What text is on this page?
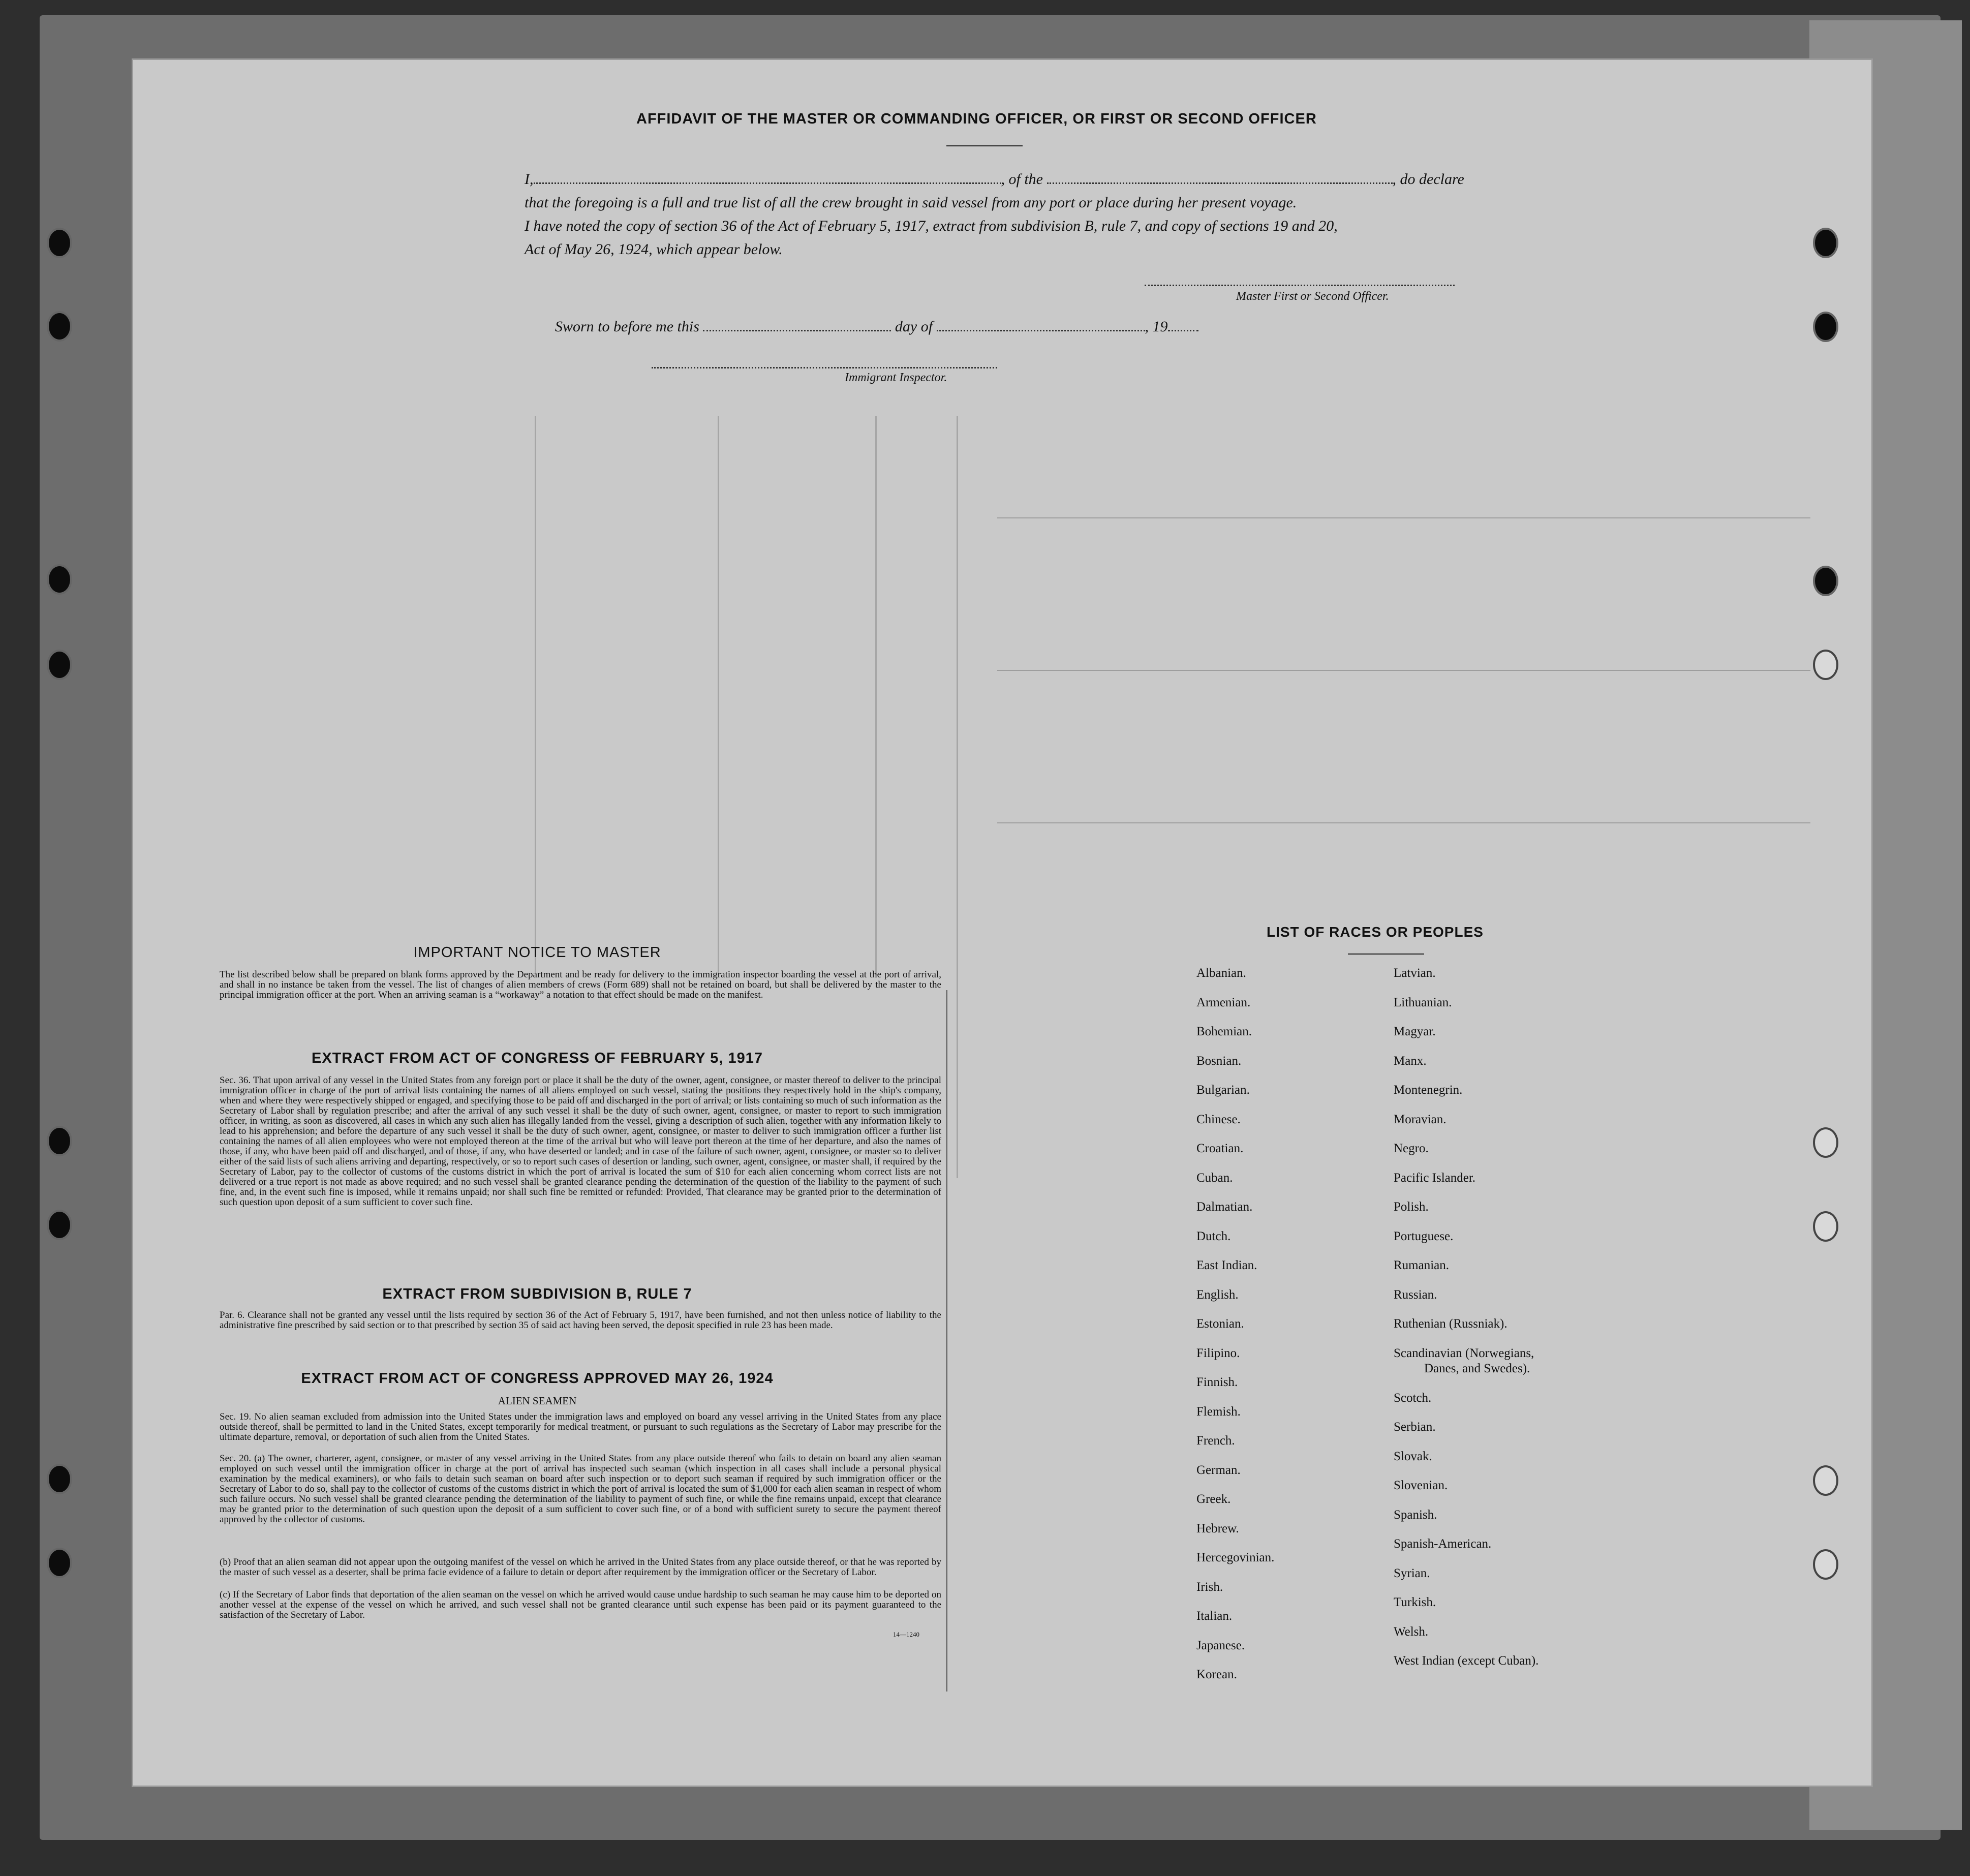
AFFIDAVIT OF THE MASTER OR COMMANDING OFFICER, OR FIRST OR SECOND OFFICER
I,	, of the	, do declare
that the foregoing is a full and true list of all the crew brought in said vessel from any port or place during her present voyage.
I have noted the copy of section 36 of the Act of February 5, 1917, extract from subdivision B, rule 7, and copy of sections 19 and 20,
Act of May 26, 1924, which appear below.
Master First or Second Officer.
Sworn to before me this	day of	, 19
Immigrant Inspector.
IMPORTANT NOTICE TO MASTER
The list described below shall be prepared on blank forms approved by the Department and be ready for delivery to the immigration inspector boarding the vessel at the port of arrival, and shall in no instance be taken from the vessel. The list of changes of alien members of crews (Form 689) shall not be retained on board, but shall be delivered by the master to the principal immigration officer at the port. When an arriving seaman is a “workaway” a notation to that effect should be made on the manifest.
EXTRACT FROM ACT OF CONGRESS OF FEBRUARY 5, 1917
Sec. 36. That upon arrival of any vessel in the United States from any foreign port or place it shall be the duty of the owner, agent, consignee, or master thereof to deliver to the principal immigration officer in charge of the port of arrival lists containing the names of all aliens employed on such vessel, stating the positions they respectively hold in the ship's company, when and where they were respectively shipped or engaged, and specifying those to be paid off and discharged in the port of arrival; or lists containing so much of such information as the Secretary of Labor shall by regulation prescribe; and after the arrival of any such vessel it shall be the duty of such owner, agent, consignee, or master to report to such immigration officer, in writing, as soon as discovered, all cases in which any such alien has illegally landed from the vessel, giving a description of such alien, together with any information likely to lead to his apprehension; and before the departure of any such vessel it shall be the duty of such owner, agent, consignee, or master to deliver to such immigration officer a further list containing the names of all alien employees who were not employed thereon at the time of the arrival but who will leave port thereon at the time of her departure, and also the names of those, if any, who have been paid off and discharged, and of those, if any, who have deserted or landed; and in case of the failure of such owner, agent, consignee, or master so to deliver either of the said lists of such aliens arriving and departing, respectively, or so to report such cases of desertion or landing, such owner, agent, consignee, or master shall, if required by the Secretary of Labor, pay to the collector of customs of the customs district in which the port of arrival is located the sum of $10 for each alien concerning whom correct lists are not delivered or a true report is not made as above required; and no such vessel shall be granted clearance pending the determination of the question of the liability to the payment of such fine, and, in the event such fine is imposed, while it remains unpaid; nor shall such fine be remitted or refunded: Provided, That clearance may be granted prior to the determination of such question upon deposit of a sum sufficient to cover such fine.
EXTRACT FROM SUBDIVISION B, RULE 7
Par. 6. Clearance shall not be granted any vessel until the lists required by section 36 of the Act of February 5, 1917, have been furnished, and not then unless notice of liability to the administrative fine prescribed by said section or to that prescribed by section 35 of said act having been served, the deposit specified in rule 23 has been made.
EXTRACT FROM ACT OF CONGRESS APPROVED MAY 26, 1924
ALIEN SEAMEN
Sec. 19. No alien seaman excluded from admission into the United States under the immigration laws and employed on board any vessel arriving in the United States from any place outside thereof, shall be permitted to land in the United States, except temporarily for medical treatment, or pursuant to such regulations as the Secretary of Labor may prescribe for the ultimate departure, removal, or deportation of such alien from the United States.
Sec. 20. (a) The owner, charterer, agent, consignee, or master of any vessel arriving in the United States from any place outside thereof who fails to detain on board any alien seaman employed on such vessel until the immigration officer in charge at the port of arrival has inspected such seaman (which inspection in all cases shall include a personal physical examination by the medical examiners), or who fails to detain such seaman on board after such inspection or to deport such seaman if required by such immigration officer or the Secretary of Labor to do so, shall pay to the collector of customs of the customs district in which the port of arrival is located the sum of $1,000 for each alien seaman in respect of whom such failure occurs. No such vessel shall be granted clearance pending the determination of the liability to payment of such fine, or while the fine remains unpaid, except that clearance may be granted prior to the determination of such question upon the deposit of a sum sufficient to cover such fine, or of a bond with sufficient surety to secure the payment thereof approved by the collector of customs.
(b) Proof that an alien seaman did not appear upon the outgoing manifest of the vessel on which he arrived in the United States from any place outside thereof, or that he was reported by the master of such vessel as a deserter, shall be prima facie evidence of a failure to detain or deport after requirement by the immigration officer or the Secretary of Labor.
(c) If the Secretary of Labor finds that deportation of the alien seaman on the vessel on which he arrived would cause undue hardship to such seaman he may cause him to be deported on another vessel at the expense of the vessel on which he arrived, and such vessel shall not be granted clearance until such expense has been paid or its payment guaranteed to the satisfaction of the Secretary of Labor.
14—1240
LIST OF RACES OR PEOPLES
Albanian.
Armenian.
Bohemian.
Bosnian.
Bulgarian.
Chinese.
Croatian.
Cuban.
Dalmatian.
Dutch.
East Indian.
English.
Estonian.
Filipino.
Finnish.
Flemish.
French.
German.
Greek.
Hebrew.
Hercegovinian.
Irish.
Italian.
Japanese.
Korean.
Latvian.
Lithuanian.
Magyar.
Manx.
Montenegrin.
Moravian.
Negro.
Pacific Islander.
Polish.
Portuguese.
Rumanian.
Russian.
Ruthenian (Russniak).
Scandinavian (Norwegians,
Danes, and Swedes).
Scotch.
Serbian.
Slovak.
Slovenian.
Spanish.
Spanish-American.
Syrian.
Turkish.
Welsh.
West Indian (except Cuban).
